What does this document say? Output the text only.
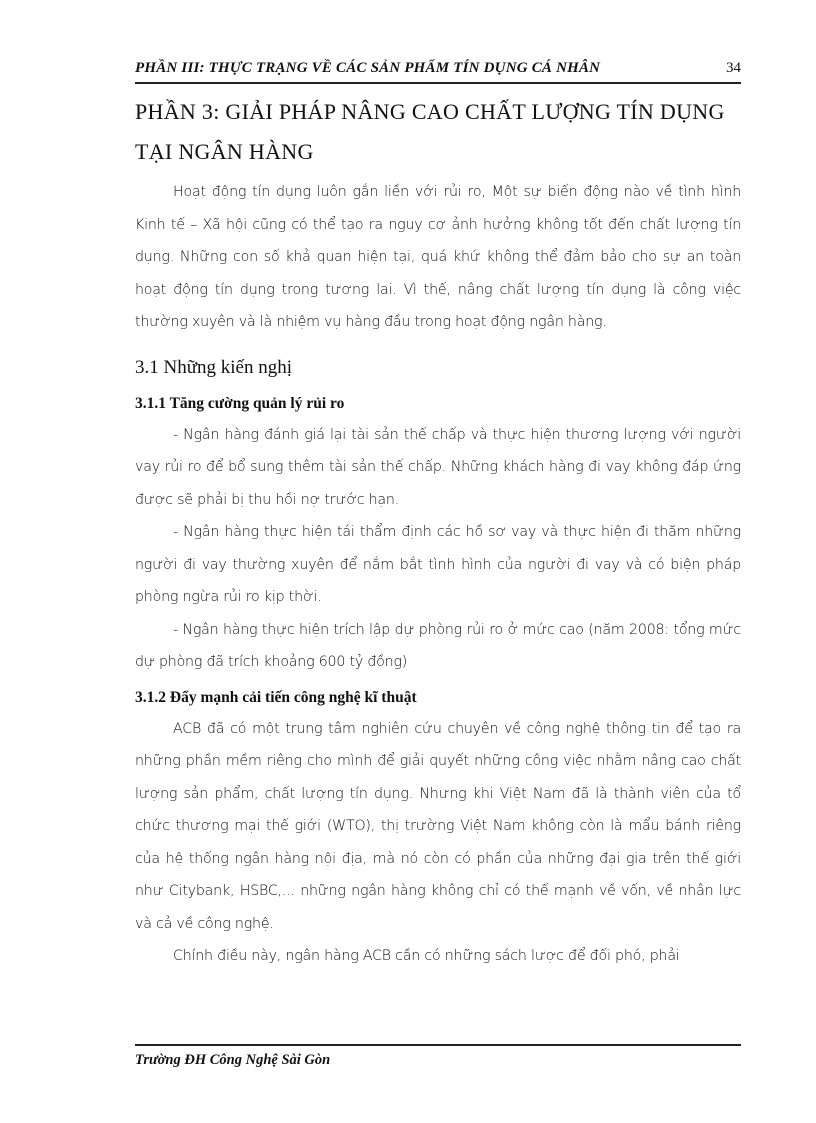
PHẦN III: THỰC TRẠNG VỀ CÁC SẢN PHẨM TÍN DỤNG CÁ NHÂN	34
PHẦN 3: GIẢI PHÁP NÂNG CAO CHẤT LƯỢNG TÍN DỤNG TẠI NGÂN HÀNG

Hoạt động tín dụng luôn gắn liền với rủi ro, Một sự biến động nào về tình hình Kinh tế – Xã hội cũng có thể tạo ra nguy cơ ảnh hưởng không tốt đến chất lượng tín dụng. Những con số khả quan hiện tại, quá khứ không thể đảm bảo cho sự an toàn hoạt động tín dụng trong tương lai. Vì thế, nâng chất lượng tín dụng là công việc thường xuyên và là nhiệm vụ hàng đầu trong hoạt động ngân hàng.

3.1 Những kiến nghị
3.1.1 Tăng cường quản lý rủi ro

- Ngân hàng đánh giá lại tài sản thế chấp và thực hiện thương lượng với người vay rủi ro để bổ sung thêm tài sản thế chấp. Những khách hàng đi vay không đáp ứng được sẽ phải bị thu hồi nợ trước hạn.

- Ngân hàng thực hiện tái thẩm định các hồ sơ vay và thực hiện đi thăm những người đi vay thường xuyên để nắm bắt tình hình của người đi vay và có biện pháp phòng ngừa rủi ro kịp thời.

- Ngân hàng thực hiện trích lập dự phòng rủi ro ở mức cao (năm 2008: tổng mức dự phòng đã trích khoảng 600 tỷ đồng)

3.1.2 Đẩy mạnh cải tiến công nghệ kĩ thuật

ACB đã có một trung tâm nghiên cứu chuyên về công nghệ thông tin để tạo ra những phần mềm riêng cho mình để giải quyết những công việc nhằm nâng cao chất lượng sản phẩm, chất lượng tín dụng. Nhưng khi Việt Nam đã là thành viên của tổ chức thương mại thế giới (WTO), thị trường Việt Nam không còn là mẩu bánh riêng của hệ thống ngân hàng nội địa, mà nó còn có phần của những đại gia trên thế giới như Citybank, HSBC,... những ngân hàng không chỉ có thế mạnh về vốn, về nhân lực và cả về công nghệ.

Chính điều này, ngân hàng ACB cần có những sách lược để đối phó, phải

Trường ĐH Công Nghệ Sài Gòn
